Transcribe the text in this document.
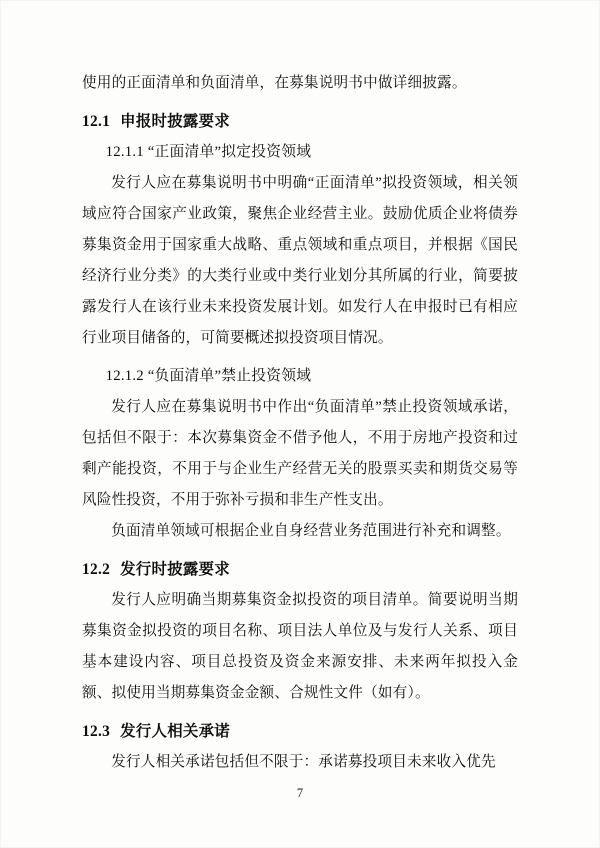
使用的正面清单和负面清单，在募集说明书中做详细披露。

12.1 申报时披露要求
12.1.1 “正面清单”拟定投资领域

发行人应在募集说明书中明确“正面清单”拟投资领域，相关领域应符合国家产业政策，聚焦企业经营主业。鼓励优质企业将债券募集资金用于国家重大战略、重点领域和重点项目，并根据《国民经济行业分类》的大类行业或中类行业划分其所属的行业，简要披露发行人在该行业未来投资发展计划。如发行人在申报时已有相应行业项目储备的，可简要概述拟投资项目情况。

12.1.2 “负面清单”禁止投资领域

发行人应在募集说明书中作出“负面清单”禁止投资领域承诺，包括但不限于：本次募集资金不借予他人，不用于房地产投资和过剩产能投资，不用于与企业生产经营无关的股票买卖和期货交易等风险性投资，不用于弥补亏损和非生产性支出。

负面清单领域可根据企业自身经营业务范围进行补充和调整。

12.2 发行时披露要求

发行人应明确当期募集资金拟投资的项目清单。简要说明当期募集资金拟投资的项目名称、项目法人单位及与发行人关系、项目基本建设内容、项目总投资及资金来源安排、未来两年拟投入金额、拟使用当期募集资金金额、合规性文件（如有）。

12.3 发行人相关承诺

发行人相关承诺包括但不限于：承诺募投项目未来收入优先

7
